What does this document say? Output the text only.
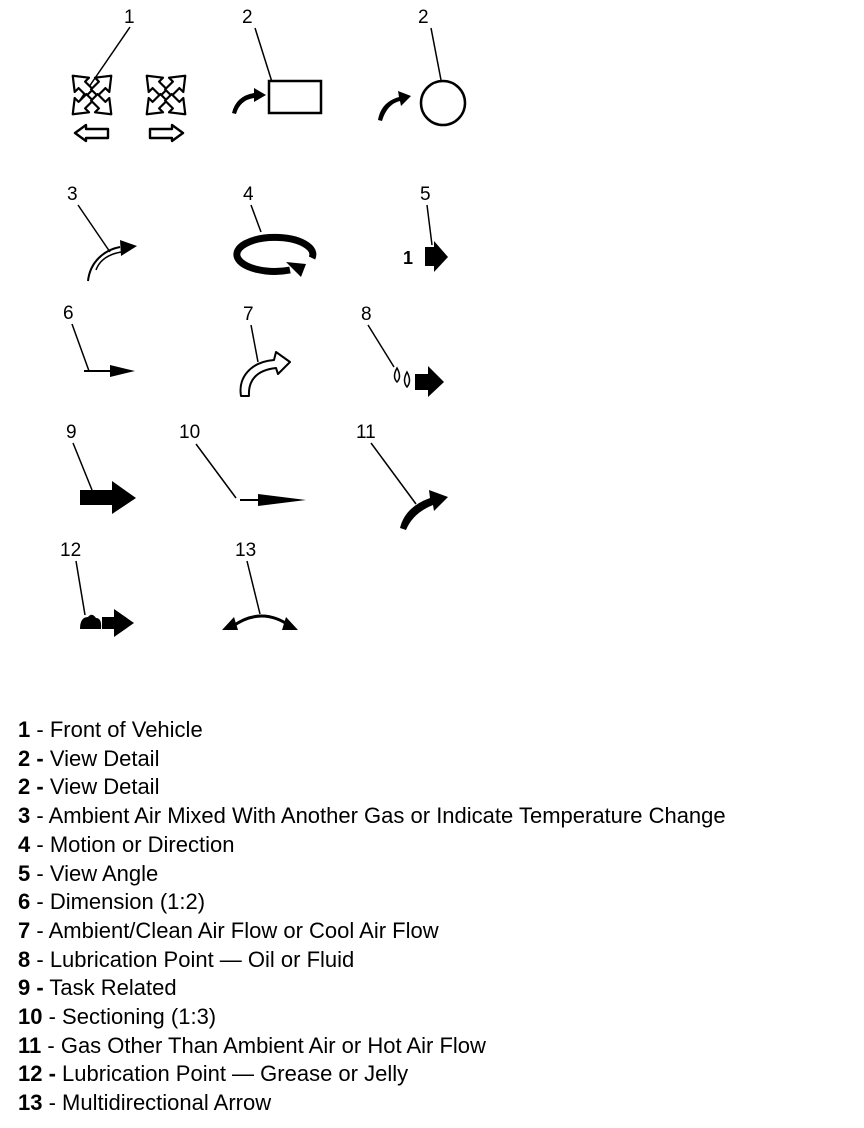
1	2	2
3	4	5
1
6	7	8
9	10	11
12	13
1 - Front of Vehicle
2 - View Detail
2 - View Detail
3 - Ambient Air Mixed With Another Gas or Indicate Temperature Change
4 - Motion or Direction
5 - View Angle
6 - Dimension (1:2)
7 - Ambient/Clean Air Flow or Cool Air Flow
8 - Lubrication Point — Oil or Fluid
9 - Task Related
10 - Sectioning (1:3)
11 - Gas Other Than Ambient Air or Hot Air Flow
12 - Lubrication Point — Grease or Jelly
13 - Multidirectional Arrow
